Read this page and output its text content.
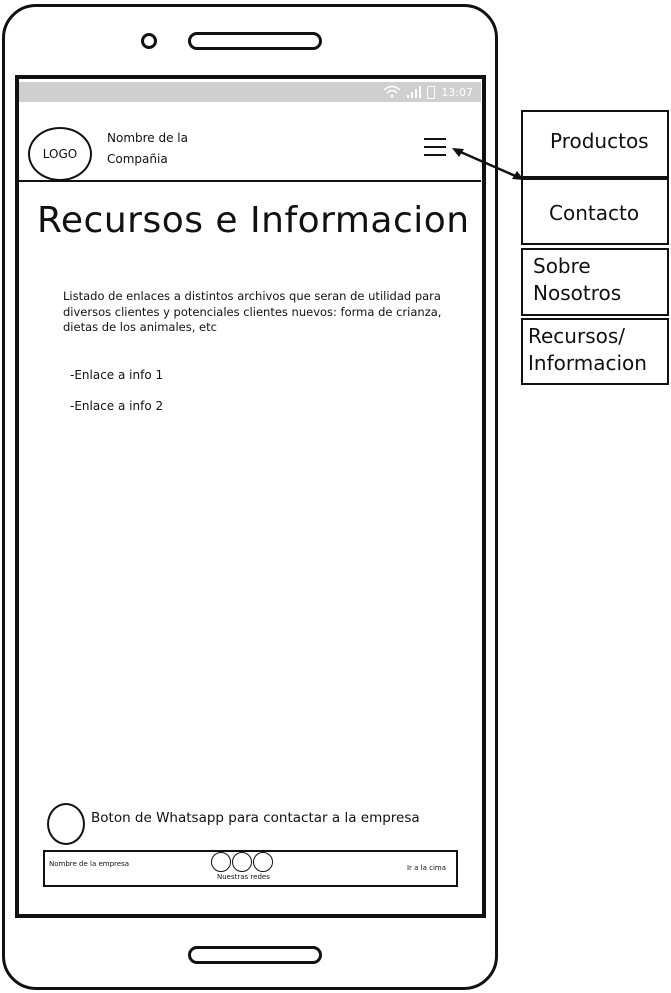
13:07
LOGO
Nombre de la Compañia
Recursos e Informacion
Listado de enlaces a distintos archivos que seran de utilidad para diversos clientes y potenciales clientes nuevos: forma de crianza, dietas de los animales, etc
-Enlace a info 1
-Enlace a info 2
Boton de Whatsapp para contactar a la empresa
Nombre de la empresa
Nuestras redes
Ir a la cima
Productos
Contacto
Sobre Nosotros
Recursos/ Informacion
